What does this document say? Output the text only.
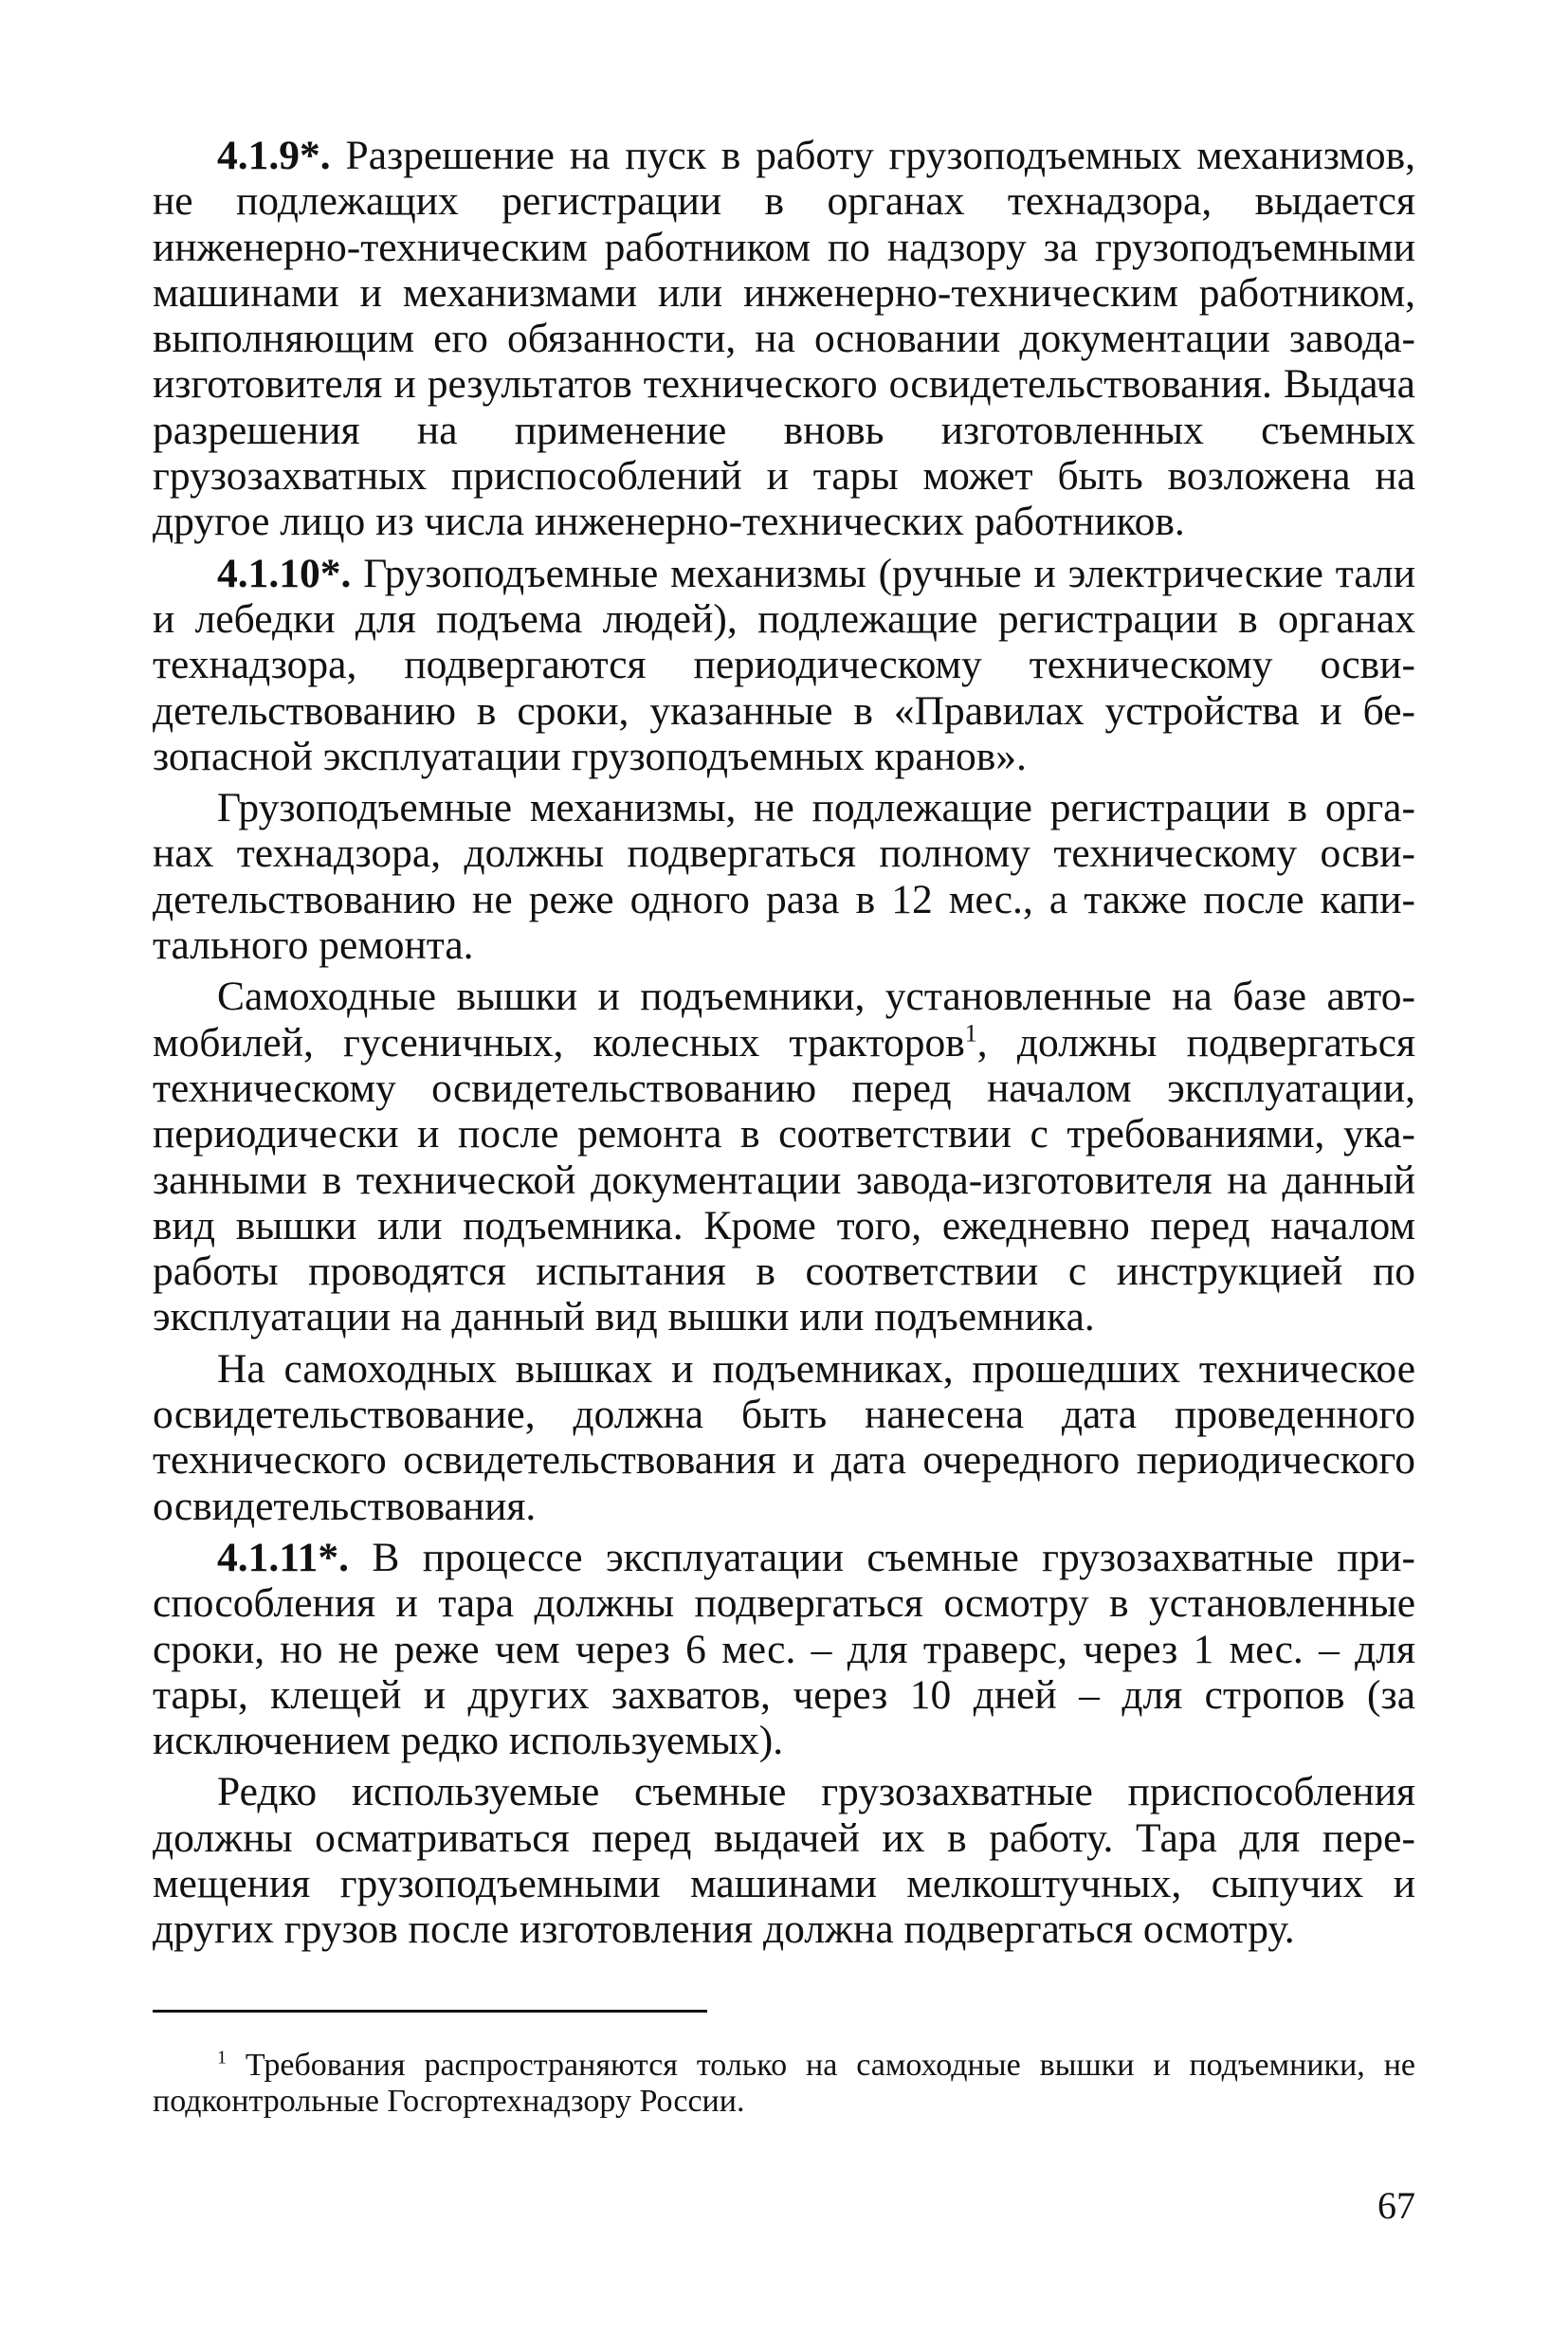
4.1.9*. Разрешение на пуск в работу грузоподъемных механизмов, не подлежащих регистрации в органах технадзора, выдается инженерно-техническим работником по надзору за грузоподъемными машинами и механизмами или инженерно-техническим работником, выполняющим его обязанности, на основании документации завода-изготовителя и результатов технического освидетельствования. Выдача разрешения на применение вновь изготовленных съемных грузозахватных приспособлений и тары может быть возложена на другое лицо из числа инженерно-технических работников.

4.1.10*. Грузоподъемные механизмы (ручные и электрические тали и лебедки для подъема людей), подлежащие регистрации в органах технадзора, подвергаются периодическому техническому освидетельствованию в сроки, указанные в «Правилах устройства и безопасной эксплуатации грузоподъемных кранов».

Грузоподъемные механизмы, не подлежащие регистрации в органах технадзора, должны подвергаться полному техническому освидетельствованию не реже одного раза в 12 мес., а также после капитального ремонта.

Самоходные вышки и подъемники, установленные на базе автомобилей, гусеничных, колесных тракторов$^1$, должны подвергаться техническому освидетельствованию перед началом эксплуатации, периодически и после ремонта в соответствии с требованиями, указанными в технической документации завода-изготовителя на данный вид вышки или подъемника. Кроме того, ежедневно перед началом работы проводятся испытания в соответствии с инструкцией по эксплуатации на данный вид вышки или подъемника.

На самоходных вышках и подъемниках, прошедших техническое освидетельствование, должна быть нанесена дата проведенного технического освидетельствования и дата очередного периодического освидетельствования.

4.1.11*. В процессе эксплуатации съемные грузозахватные приспособления и тара должны подвергаться осмотру в установленные сроки, но не реже чем через 6 мес. – для траверс, через 1 мес. – для тары, клещей и других захватов, через 10 дней – для стропов (за исключением редко используемых).

Редко используемые съемные грузозахватные приспособления должны осматриваться перед выдачей их в работу. Тара для перемещения грузоподъемными машинами мелкоштучных, сыпучих и других грузов после изготовления должна подвергаться осмотру.

$^1$ Требования распространяются только на самоходные вышки и подъемники, не подконтрольные Госгортехнадзору России.

67
